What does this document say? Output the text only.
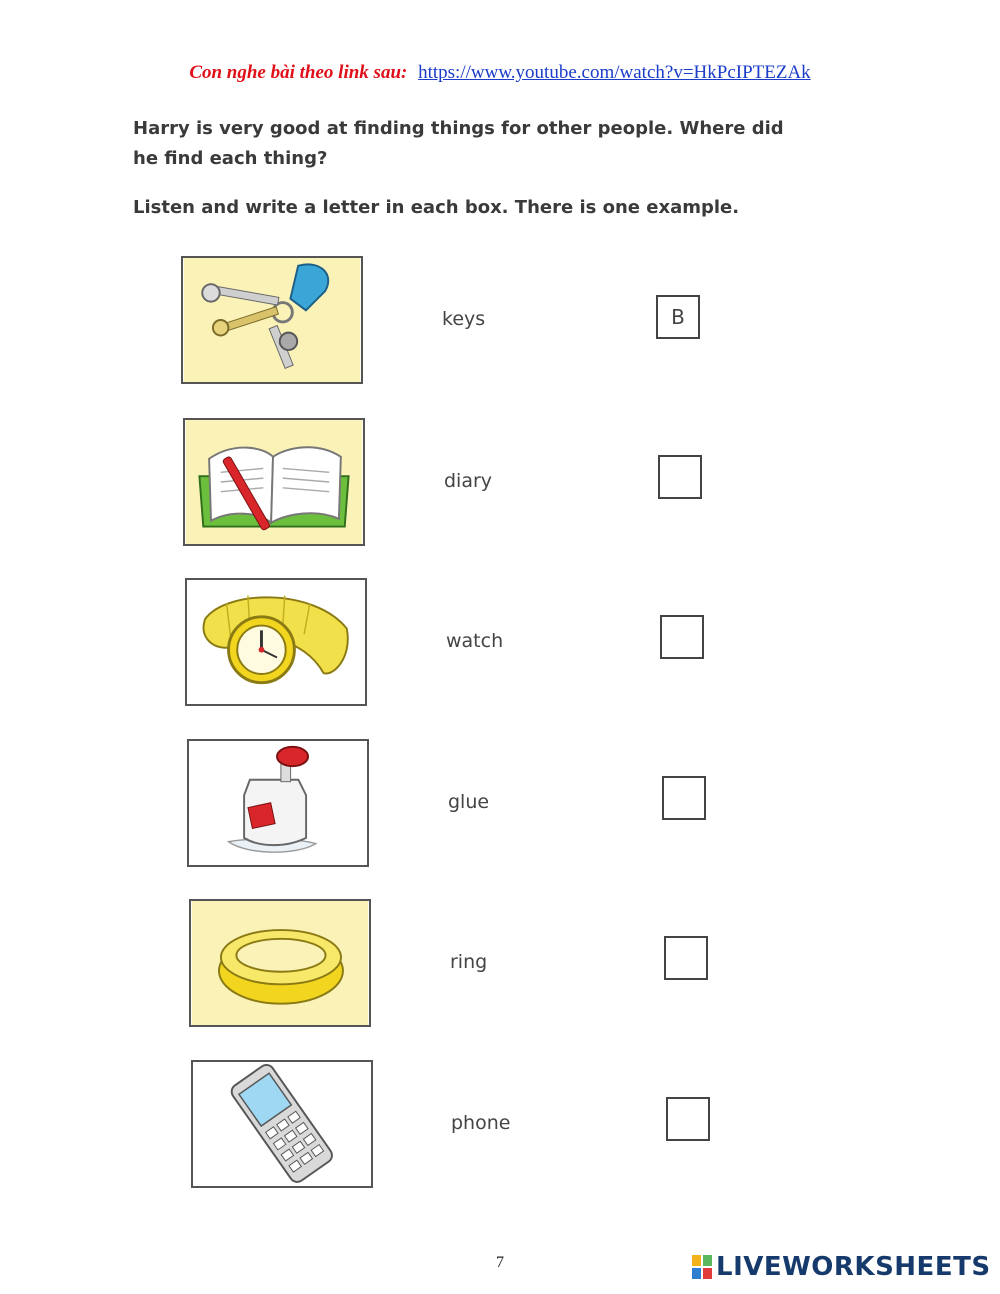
Con nghe bài theo link sau: https://www.youtube.com/watch?v=HkPcIPTEZAk
Harry is very good at finding things for other people. Where did
he find each thing?
Listen and write a letter in each box. There is one example.
keys	B
diary
watch
glue
ring
phone
7	LIVEWORKSHEETS
